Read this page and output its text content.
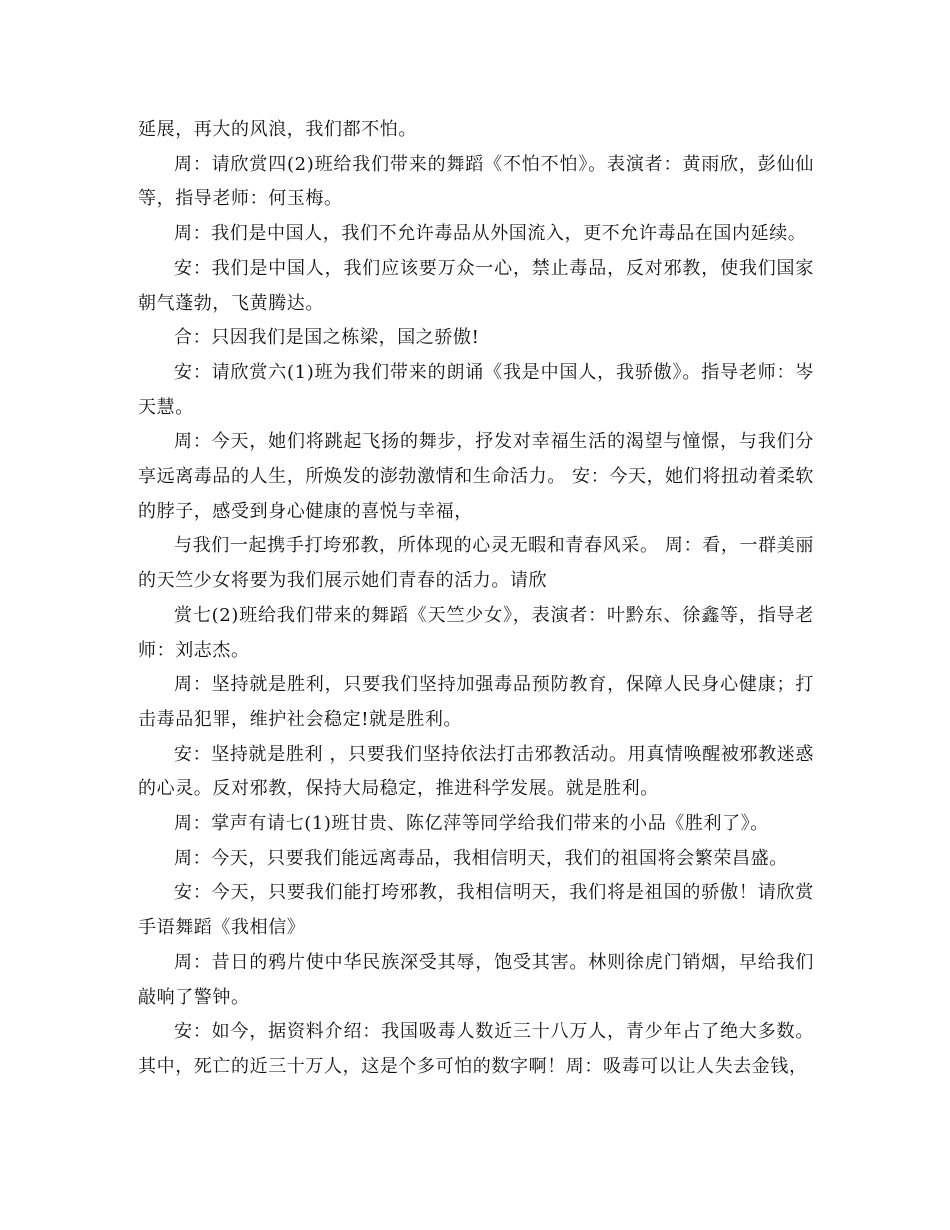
延展，再大的风浪，我们都不怕。

周：请欣赏四(2)班给我们带来的舞蹈《不怕不怕》。表演者：黄雨欣，彭仙仙等，指导老师：何玉梅。

周：我们是中国人，我们不允许毒品从外国流入，更不允许毒品在国内延续。

安：我们是中国人，我们应该要万众一心，禁止毒品，反对邪教，使我们国家朝气蓬勃，飞黄腾达。

合：只因我们是国之栋梁，国之骄傲!

安：请欣赏六(1)班为我们带来的朗诵《我是中国人，我骄傲》。指导老师：岑天慧。

周：今天，她们将跳起飞扬的舞步，抒发对幸福生活的渴望与憧憬，与我们分享远离毒品的人生，所焕发的澎勃激情和生命活力。 安：今天，她们将扭动着柔软的脖子，感受到身心健康的喜悦与幸福，

与我们一起携手打垮邪教，所体现的心灵无暇和青春风采。 周：看，一群美丽的天竺少女将要为我们展示她们青春的活力。请欣

赏七(2)班给我们带来的舞蹈《天竺少女》，表演者：叶黔东、徐鑫等，指导老师：刘志杰。

周：坚持就是胜利，只要我们坚持加强毒品预防教育，保障人民身心健康；打击毒品犯罪，维护社会稳定!就是胜利。

安：坚持就是胜利 ，只要我们坚持依法打击邪教活动。用真情唤醒被邪教迷惑的心灵。反对邪教，保持大局稳定，推进科学发展。就是胜利。

周：掌声有请七(1)班甘贵、陈亿萍等同学给我们带来的小品《胜利了》。

周：今天，只要我们能远离毒品，我相信明天，我们的祖国将会繁荣昌盛。

安：今天，只要我们能打垮邪教，我相信明天，我们将是祖国的骄傲！请欣赏手语舞蹈《我相信》

周：昔日的鸦片使中华民族深受其辱，饱受其害。林则徐虎门销烟，早给我们敲响了警钟。

安：如今，据资料介绍：我国吸毒人数近三十八万人，青少年占了绝大多数。其中，死亡的近三十万人，这是个多可怕的数字啊！周：吸毒可以让人失去金钱，
